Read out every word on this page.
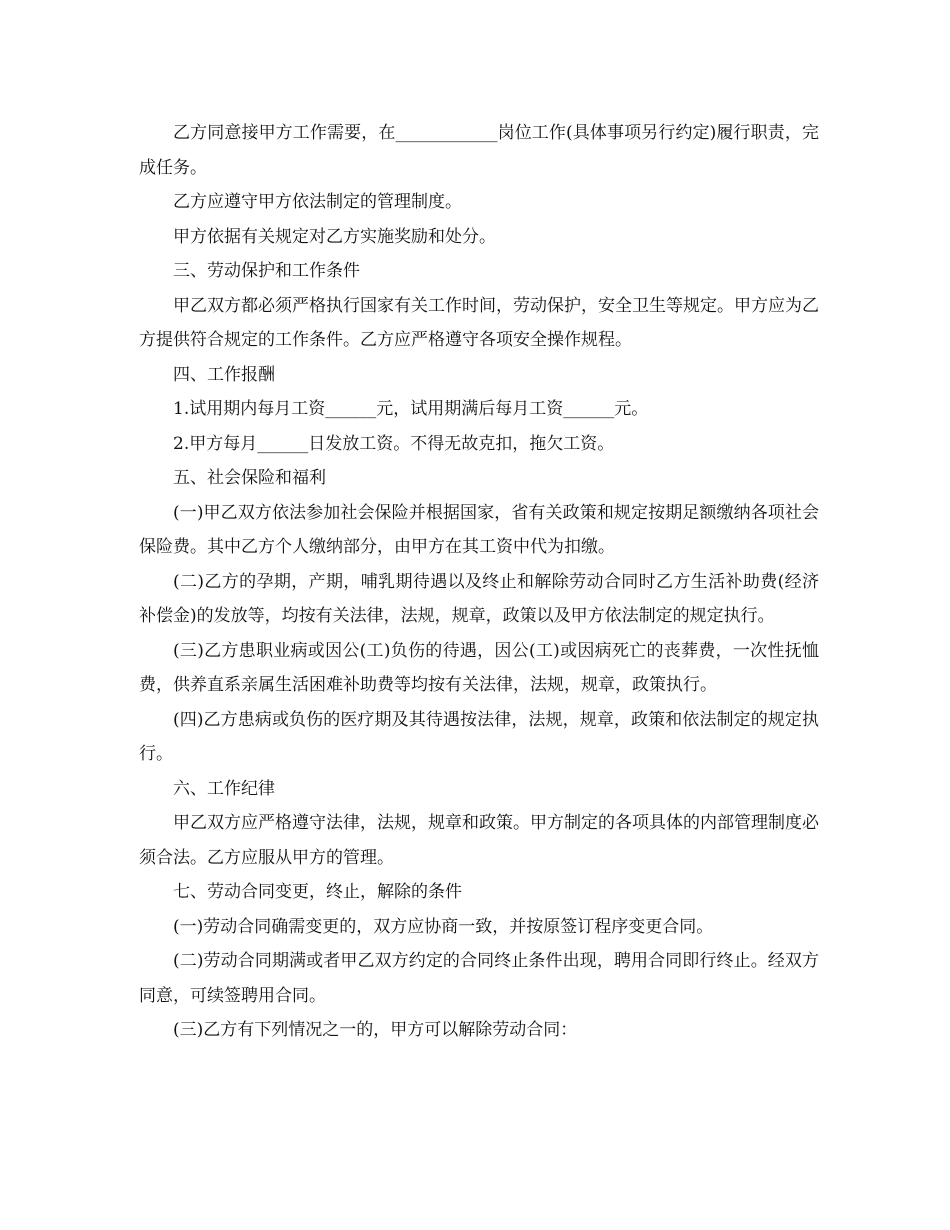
乙方同意接甲方工作需要，在____________岗位工作(具体事项另行约定)履行职责，完成任务。

乙方应遵守甲方依法制定的管理制度。

甲方依据有关规定对乙方实施奖励和处分。

三、劳动保护和工作条件

甲乙双方都必须严格执行国家有关工作时间，劳动保护，安全卫生等规定。甲方应为乙方提供符合规定的工作条件。乙方应严格遵守各项安全操作规程。

四、工作报酬

1.试用期内每月工资______元，试用期满后每月工资______元。

2.甲方每月______日发放工资。不得无故克扣，拖欠工资。

五、社会保险和福利

(一)甲乙双方依法参加社会保险并根据国家，省有关政策和规定按期足额缴纳各项社会保险费。其中乙方个人缴纳部分，由甲方在其工资中代为扣缴。

(二)乙方的孕期，产期，哺乳期待遇以及终止和解除劳动合同时乙方生活补助费(经济补偿金)的发放等，均按有关法律，法规，规章，政策以及甲方依法制定的规定执行。

(三)乙方患职业病或因公(工)负伤的待遇，因公(工)或因病死亡的丧葬费，一次性抚恤费，供养直系亲属生活困难补助费等均按有关法律，法规，规章，政策执行。

(四)乙方患病或负伤的医疗期及其待遇按法律，法规，规章，政策和依法制定的规定执行。

六、工作纪律

甲乙双方应严格遵守法律，法规，规章和政策。甲方制定的各项具体的内部管理制度必须合法。乙方应服从甲方的管理。

七、劳动合同变更，终止，解除的条件

(一)劳动合同确需变更的，双方应协商一致，并按原签订程序变更合同。

(二)劳动合同期满或者甲乙双方约定的合同终止条件出现，聘用合同即行终止。经双方同意，可续签聘用合同。

(三)乙方有下列情况之一的，甲方可以解除劳动合同：
